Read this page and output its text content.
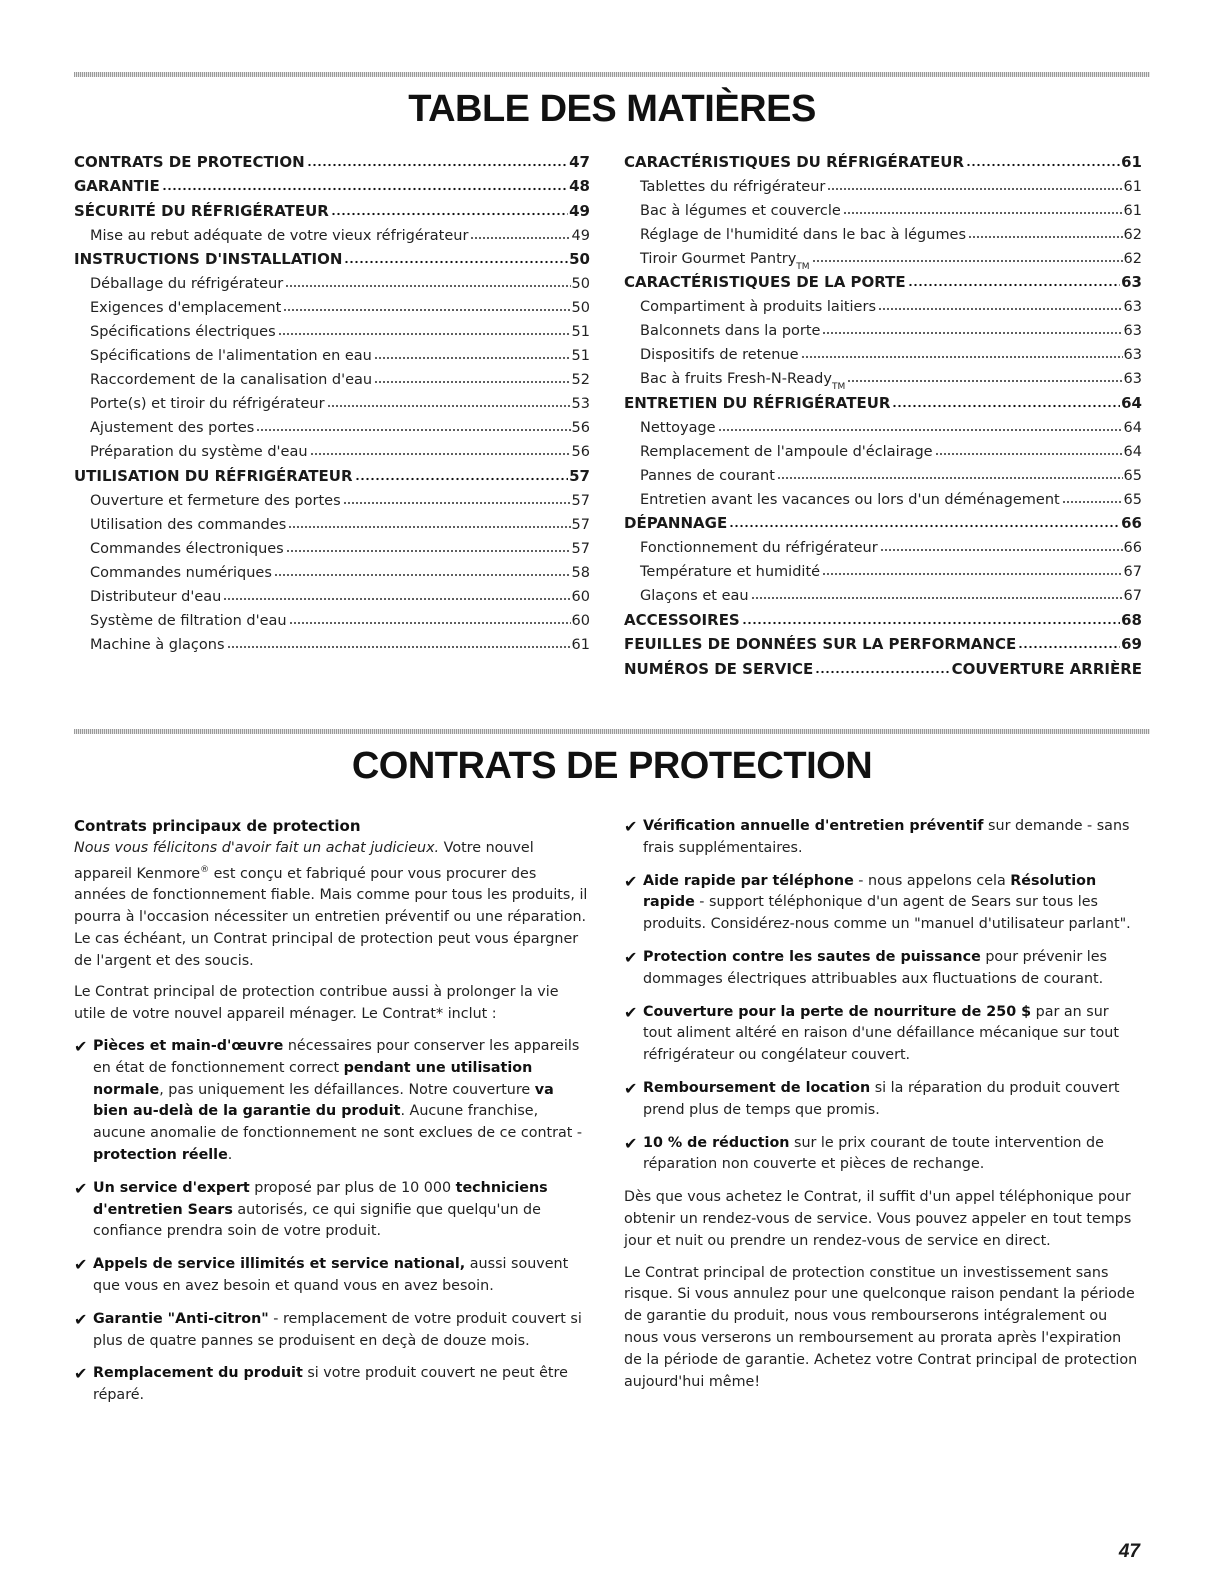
TABLE DES MATIÈRES
CONTRATS DE PROTECTION	47
GARANTIE	48
SÉCURITÉ DU RÉFRIGÉRATEUR	49
Mise au rebut adéquate de votre vieux réfrigérateur	49
INSTRUCTIONS D'INSTALLATION	50
Déballage du réfrigérateur	50
Exigences d'emplacement	50
Spécifications électriques	51
Spécifications de l'alimentation en eau	51
Raccordement de la canalisation d'eau	52
Porte(s) et tiroir du réfrigérateur	53
Ajustement des portes	56
Préparation du système d'eau	56
UTILISATION DU RÉFRIGÉRATEUR	57
Ouverture et fermeture des portes	57
Utilisation des commandes	57
Commandes électroniques	57
Commandes numériques	58
Distributeur d'eau	60
Système de filtration d'eau	60
Machine à glaçons	61
CARACTÉRISTIQUES DU RÉFRIGÉRATEUR	61
Tablettes du réfrigérateur	61
Bac à légumes et couvercle	61
Réglage de l'humidité dans le bac à légumes	62
Tiroir Gourmet Pantry TM	62
CARACTÉRISTIQUES DE LA PORTE	63
Compartiment à produits laitiers	63
Balconnets dans la porte	63
Dispositifs de retenue	63
Bac à fruits Fresh-N-Ready TM	63
ENTRETIEN DU RÉFRIGÉRATEUR	64
Nettoyage	64
Remplacement de l'ampoule d'éclairage	64
Pannes de courant	65
Entretien avant les vacances ou lors d'un déménagement	65
DÉPANNAGE	66
Fonctionnement du réfrigérateur	66
Température et humidité	67
Glaçons et eau	67
ACCESSOIRES	68
FEUILLES DE DONNÉES SUR LA PERFORMANCE	69
NUMÉROS DE SERVICE	COUVERTURE ARRIÈRE
CONTRATS DE PROTECTION
Contrats principaux de protection

Nous vous félicitons d'avoir fait un achat judicieux. Votre nouvel appareil Kenmore® est conçu et fabriqué pour vous procurer des années de fonctionnement fiable. Mais comme pour tous les produits, il pourra à l'occasion nécessiter un entretien préventif ou une réparation. Le cas échéant, un Contrat principal de protection peut vous épargner de l'argent et des soucis.

Le Contrat principal de protection contribue aussi à prolonger la vie utile de votre nouvel appareil ménager. Le Contrat* inclut :

✔ Pièces et main-d'œuvre nécessaires pour conserver les appareils en état de fonctionnement correct pendant une utilisation normale, pas uniquement les défaillances. Notre couverture va bien au-delà de la garantie du produit. Aucune franchise, aucune anomalie de fonctionnement ne sont exclues de ce contrat - protection réelle.
✔ Un service d'expert proposé par plus de 10 000 techniciens d'entretien Sears autorisés, ce qui signifie que quelqu'un de confiance prendra soin de votre produit.
✔ Appels de service illimités et service national, aussi souvent que vous en avez besoin et quand vous en avez besoin.
✔ Garantie "Anti-citron" - remplacement de votre produit couvert si plus de quatre pannes se produisent en deçà de douze mois.
✔ Remplacement du produit si votre produit couvert ne peut être réparé.
✔ Vérification annuelle d'entretien préventif sur demande - sans frais supplémentaires.
✔ Aide rapide par téléphone - nous appelons cela Résolution rapide - support téléphonique d'un agent de Sears sur tous les produits. Considérez-nous comme un "manuel d'utilisateur parlant".
✔ Protection contre les sautes de puissance pour prévenir les dommages électriques attribuables aux fluctuations de courant.
✔ Couverture pour la perte de nourriture de 250 $ par an sur tout aliment altéré en raison d'une défaillance mécanique sur tout réfrigérateur ou congélateur couvert.
✔ Remboursement de location si la réparation du produit couvert prend plus de temps que promis.
✔ 10 % de réduction sur le prix courant de toute intervention de réparation non couverte et pièces de rechange.

Dès que vous achetez le Contrat, il suffit d'un appel téléphonique pour obtenir un rendez-vous de service. Vous pouvez appeler en tout temps jour et nuit ou prendre un rendez-vous de service en direct.

Le Contrat principal de protection constitue un investissement sans risque. Si vous annulez pour une quelconque raison pendant la période de garantie du produit, nous vous rembourserons intégralement ou nous vous verserons un remboursement au prorata après l'expiration de la période de garantie. Achetez votre Contrat principal de protection aujourd'hui même!

47
